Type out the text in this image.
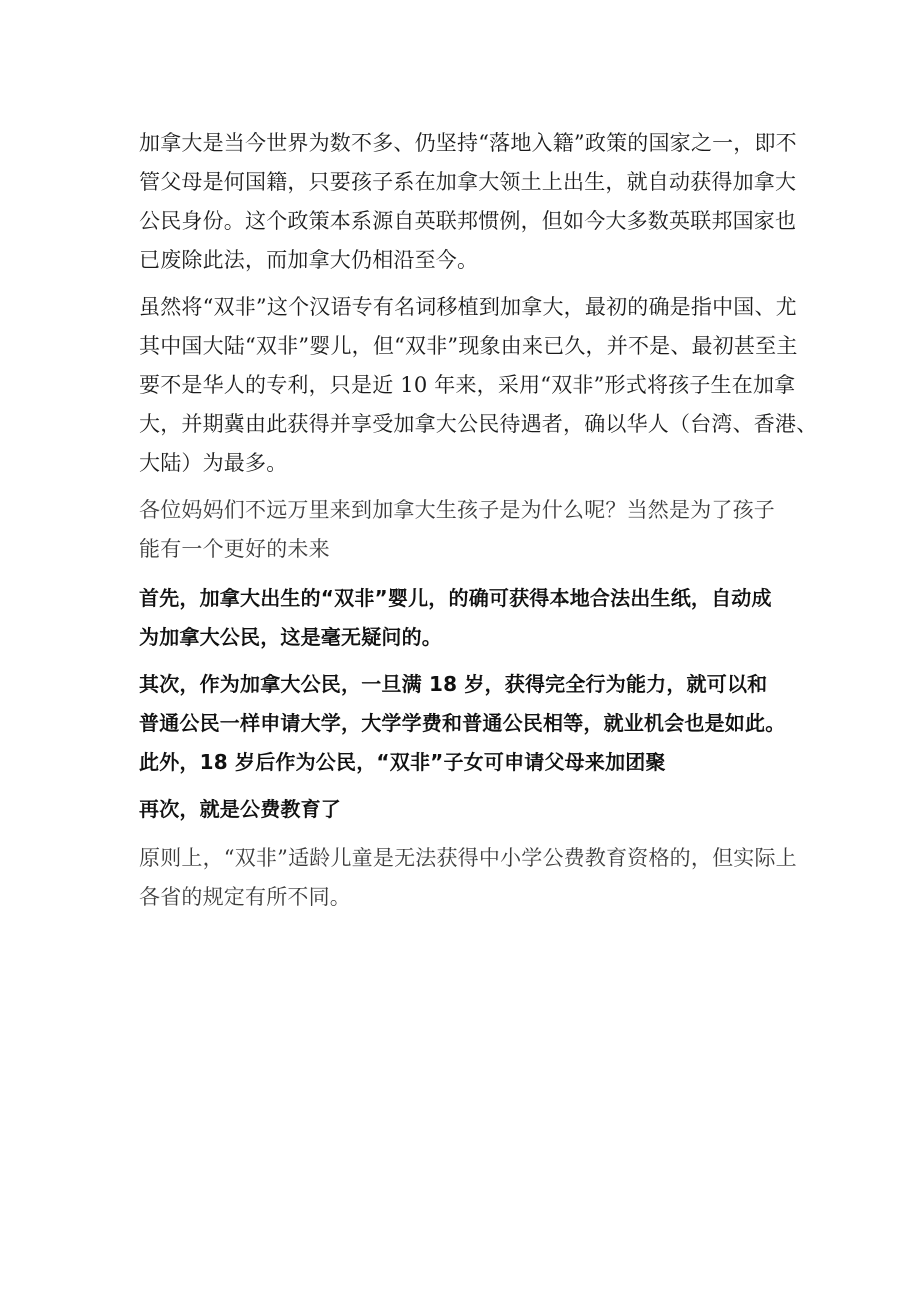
加拿大是当今世界为数不多、仍坚持“落地入籍”政策的国家之一，即不
管父母是何国籍，只要孩子系在加拿大领土上出生，就自动获得加拿大
公民身份。这个政策本系源自英联邦惯例，但如今大多数英联邦国家也
已废除此法，而加拿大仍相沿至今。

虽然将“双非”这个汉语专有名词移植到加拿大，最初的确是指中国、尤
其中国大陆“双非”婴儿，但“双非”现象由来已久，并不是、最初甚至主
要不是华人的专利，只是近 10 年来，采用“双非”形式将孩子生在加拿
大，并期冀由此获得并享受加拿大公民待遇者，确以华人（台湾、香港、
大陆）为最多。

各位妈妈们不远万里来到加拿大生孩子是为什么呢？当然是为了孩子
能有一个更好的未来

首先，加拿大出生的“双非”婴儿，的确可获得本地合法出生纸，自动成
为加拿大公民，这是毫无疑问的。

其次，作为加拿大公民，一旦满 18 岁，获得完全行为能力，就可以和
普通公民一样申请大学，大学学费和普通公民相等，就业机会也是如此。
此外，18 岁后作为公民，“双非”子女可申请父母来加团聚

再次，就是公费教育了

原则上，“双非”适龄儿童是无法获得中小学公费教育资格的，但实际上
各省的规定有所不同。
